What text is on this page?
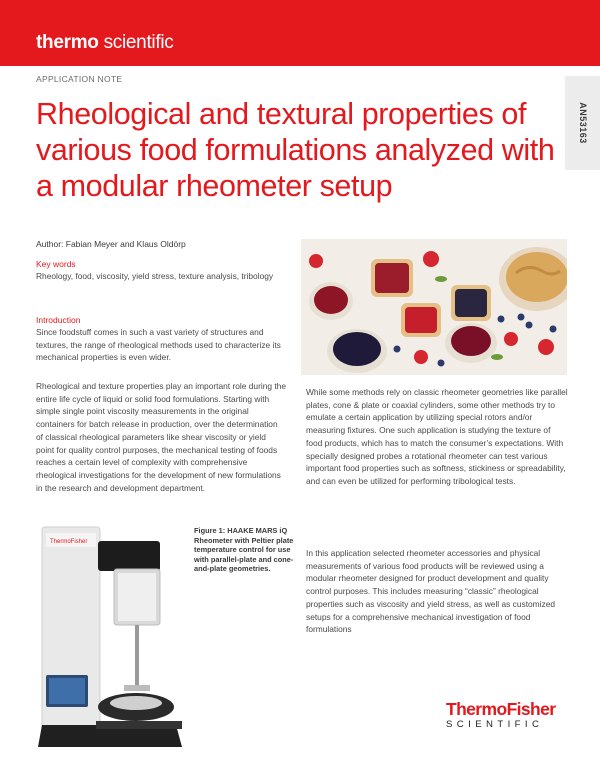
thermo scientific
APPLICATION NOTE
AN53163
Rheological and textural properties of various food formulations analyzed with a modular rheometer setup
Author: Fabian Meyer and Klaus Oldörp
Key words
Rheology, food, viscosity, yield stress, texture analysis, tribology
Introduction
Since foodstuff comes in such a vast variety of structures and textures, the range of rheological methods used to characterize its mechanical properties is even wider.
Rheological and texture properties play an important role during the entire life cycle of liquid or solid food formulations. Starting with simple single point viscosity measurements in the original containers for batch release in production, over the determination of classical rheological parameters like shear viscosity or yield point for quality control purposes, the mechanical testing of foods reaches a certain level of complexity with comprehensive rheological investigations for the development of new formulations in the research and development department.
While some methods rely on classic rheometer geometries like parallel plates, cone & plate or coaxial cylinders, some other methods try to emulate a certain application by utilizing special rotors and/or measuring fixtures. One such application is studying the texture of food products, which has to match the consumer’s expectations. With specially designed probes a rotational rheometer can test various important food properties such as softness, stickiness or spreadability, and can even be utilized for performing tribological tests.
In this application selected rheometer accessories and physical measurements of various food products will be reviewed using a modular rheometer designed for product development and quality control purposes. This includes measuring “classic” rheological properties such as viscosity and yield stress, as well as customized setups for a comprehensive mechanical investigation of food formulations
ThermoFisher
Figure 1: HAAKE MARS iQ Rheometer with Peltier plate temperature control for use with parallel-plate and cone-and-plate geometries.
ThermoFisher
SCIENTIFIC
